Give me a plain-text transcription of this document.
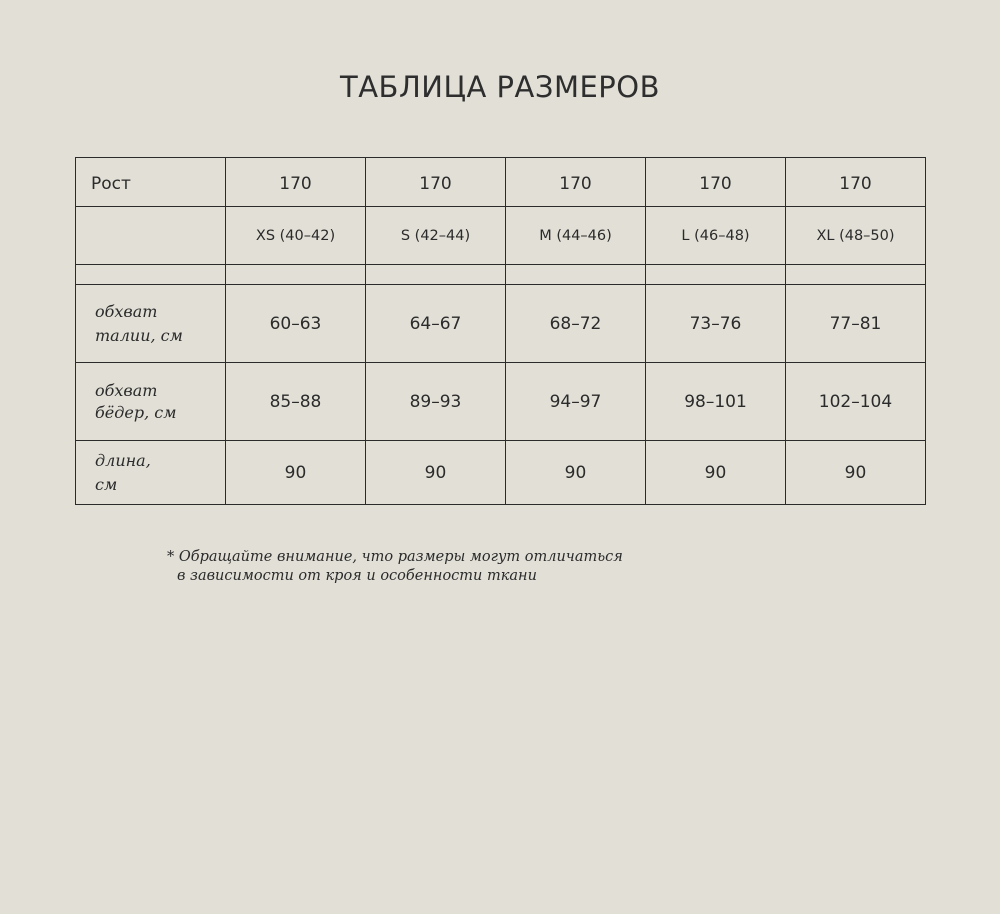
ТАБЛИЦА РАЗМЕРОВ
Рост	170	170	170	170	170
	XS (40–42)	S (42–44)	M (44–46)	L (46–48)	XL (48–50)

обхват
талии, см	60–63	64–67	68–72	73–76	77–81
обхват
бёдер, см	85–88	89–93	94–97	98–101	102–104
длина,
см	90	90	90	90	90
* Обращайте внимание, что размеры могут отличаться
в зависимости от кроя и особенности ткани
